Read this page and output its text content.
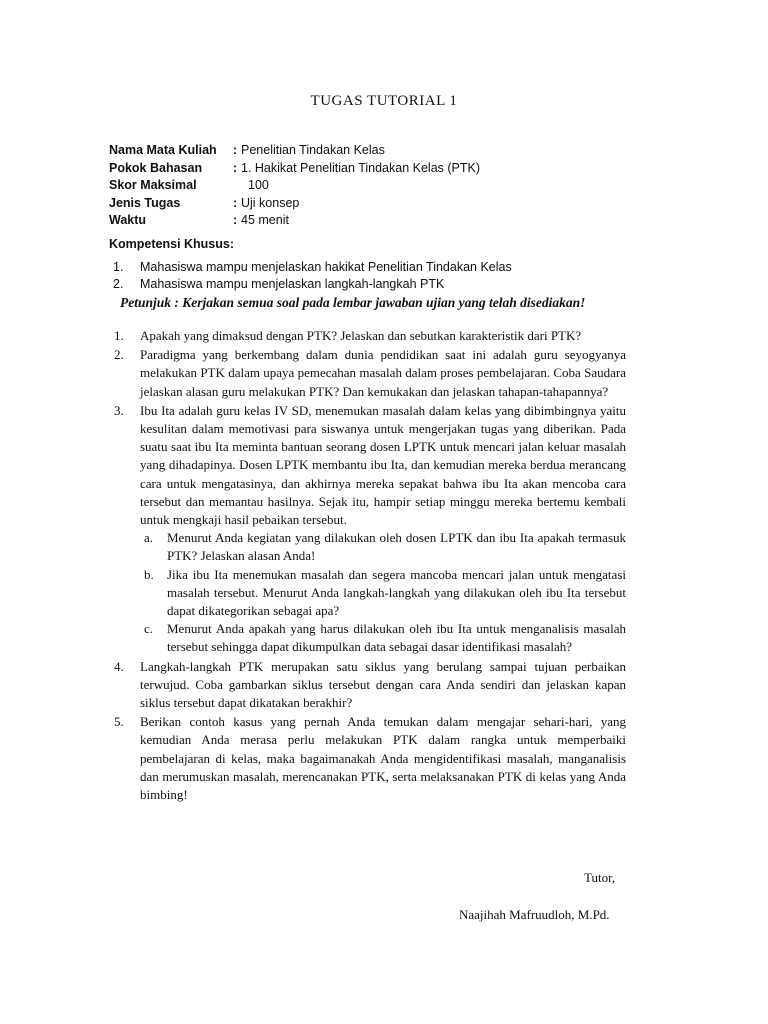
TUGAS TUTORIAL 1
Nama Mata Kuliah : Penelitian Tindakan Kelas
Pokok Bahasan : 1. Hakikat Penelitian Tindakan Kelas (PTK)
Skor Maksimal	100
Jenis Tugas	: Uji konsep
Waktu	: 45 menit
Kompetensi Khusus:
1. Mahasiswa mampu menjelaskan hakikat Penelitian Tindakan Kelas
2. Mahasiswa mampu menjelaskan langkah-langkah PTK
Petunjuk : Kerjakan semua soal pada lembar jawaban ujian yang telah disediakan!
1. Apakah yang dimaksud dengan PTK? Jelaskan dan sebutkan karakteristik dari PTK?
2. Paradigma yang berkembang dalam dunia pendidikan saat ini adalah guru seyogyanya melakukan PTK dalam upaya pemecahan masalah dalam proses pembelajaran. Coba Saudara jelaskan alasan guru melakukan PTK? Dan kemukakan dan jelaskan tahapan-tahapannya?
3. Ibu Ita adalah guru kelas IV SD, menemukan masalah dalam kelas yang dibimbingnya yaitu kesulitan dalam memotivasi para siswanya untuk mengerjakan tugas yang diberikan. Pada suatu saat ibu Ita meminta bantuan seorang dosen LPTK untuk mencari jalan keluar masalah yang dihadapinya. Dosen LPTK membantu ibu Ita, dan kemudian mereka berdua merancang cara untuk mengatasinya, dan akhirnya mereka sepakat bahwa ibu Ita akan mencoba cara tersebut dan memantau hasilnya. Sejak itu, hampir setiap minggu mereka bertemu kembali untuk mengkaji hasil pebaikan tersebut.
a. Menurut Anda kegiatan yang dilakukan oleh dosen LPTK dan ibu Ita apakah termasuk PTK? Jelaskan alasan Anda!
b. Jika ibu Ita menemukan masalah dan segera mancoba mencari jalan untuk mengatasi masalah tersebut. Menurut Anda langkah-langkah yang dilakukan oleh ibu Ita tersebut dapat dikategorikan sebagai apa?
c. Menurut Anda apakah yang harus dilakukan oleh ibu Ita untuk menganalisis masalah tersebut sehingga dapat dikumpulkan data sebagai dasar identifikasi masalah?
4. Langkah-langkah PTK merupakan satu siklus yang berulang sampai tujuan perbaikan terwujud. Coba gambarkan siklus tersebut dengan cara Anda sendiri dan jelaskan kapan siklus tersebut dapat dikatakan berakhir?
5. Berikan contoh kasus yang pernah Anda temukan dalam mengajar sehari-hari, yang kemudian Anda merasa perlu melakukan PTK dalam rangka untuk memperbaiki pembelajaran di kelas, maka bagaimanakah Anda mengidentifikasi masalah, manganalisis dan merumuskan masalah, merencanakan PTK, serta melaksanakan PTK di kelas yang Anda bimbing!
Tutor,
Naajihah Mafruudloh, M.Pd.
